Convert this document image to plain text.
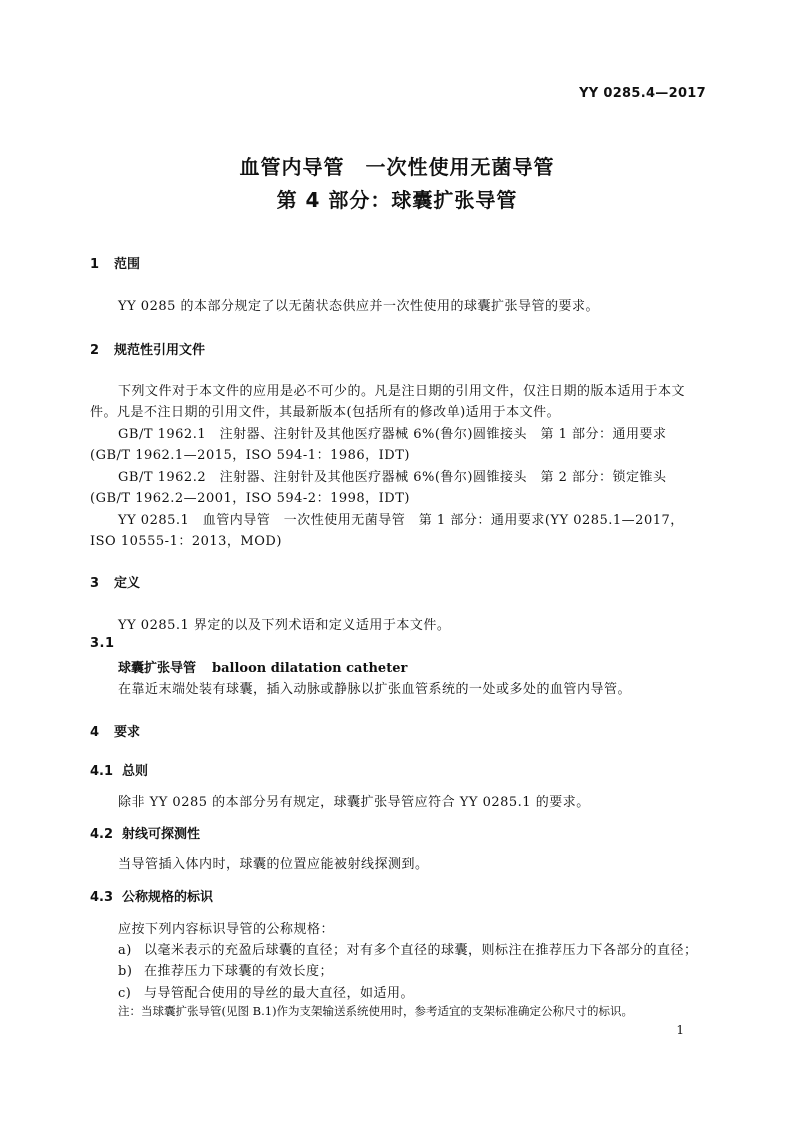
YY 0285.4—2017
血管内导管　一次性使用无菌导管
第 4 部分：球囊扩张导管
1 范围
YY 0285 的本部分规定了以无菌状态供应并一次性使用的球囊扩张导管的要求。
2 规范性引用文件
下列文件对于本文件的应用是必不可少的。凡是注日期的引用文件，仅注日期的版本适用于本文
件。凡是不注日期的引用文件，其最新版本(包括所有的修改单)适用于本文件。
GB/T 1962.1　注射器、注射针及其他医疗器械 6%(鲁尔)圆锥接头　第 1 部分：通用要求
(GB/T 1962.1—2015，ISO 594-1：1986，IDT)
GB/T 1962.2　注射器、注射针及其他医疗器械 6%(鲁尔)圆锥接头　第 2 部分：锁定锥头
(GB/T 1962.2—2001，ISO 594-2：1998，IDT)
YY 0285.1　血管内导管　一次性使用无菌导管　第 1 部分：通用要求(YY 0285.1—2017，
ISO 10555-1：2013，MOD)
3 定义
YY 0285.1 界定的以及下列术语和定义适用于本文件。
3.1
球囊扩张导管 balloon dilatation catheter
在靠近末端处装有球囊，插入动脉或静脉以扩张血管系统的一处或多处的血管内导管。
4 要求
4.1 总则
除非 YY 0285 的本部分另有规定，球囊扩张导管应符合 YY 0285.1 的要求。
4.2 射线可探测性
当导管插入体内时，球囊的位置应能被射线探测到。
4.3 公称规格的标识
应按下列内容标识导管的公称规格：
a) 以毫米表示的充盈后球囊的直径；对有多个直径的球囊，则标注在推荐压力下各部分的直径；
b) 在推荐压力下球囊的有效长度；
c) 与导管配合使用的导丝的最大直径，如适用。
注：当球囊扩张导管(见图 B.1)作为支架输送系统使用时，参考适宜的支架标准确定公称尺寸的标识。
1
